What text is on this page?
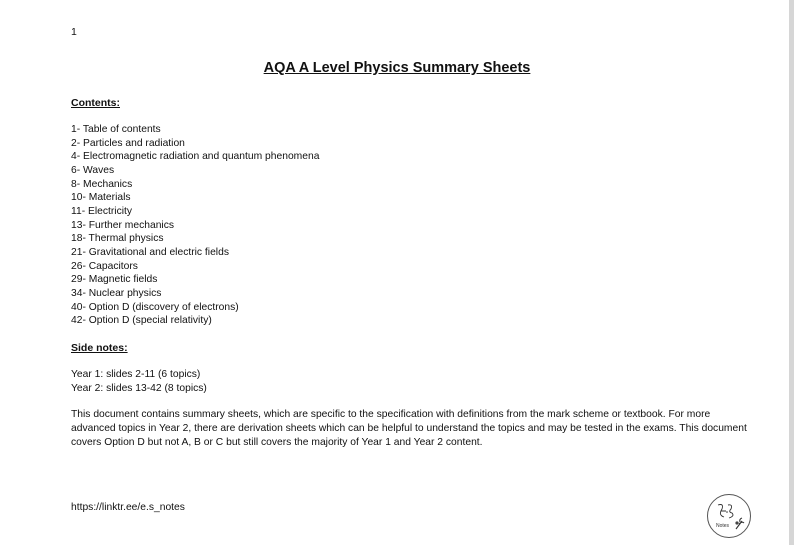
1
AQA A Level Physics Summary Sheets
Contents:
1- Table of contents
2- Particles and radiation
4- Electromagnetic radiation and quantum phenomena
6- Waves
8- Mechanics
10- Materials
11- Electricity
13- Further mechanics
18- Thermal physics
21- Gravitational and electric fields
26- Capacitors
29- Magnetic fields
34- Nuclear physics
40- Option D (discovery of electrons)
42- Option D (special relativity)
Side notes:
Year 1: slides 2-11 (6 topics)
Year 2: slides 13-42 (8 topics)
This document contains summary sheets, which are specific to the specification with definitions from the mark scheme or textbook. For more advanced topics in Year 2, there are derivation sheets which can be helpful to understand the topics and may be tested in the exams. This document covers Option D but not A, B or C but still covers the majority of Year 1 and Year 2 content.
https://linktr.ee/e.s_notes
Notes
